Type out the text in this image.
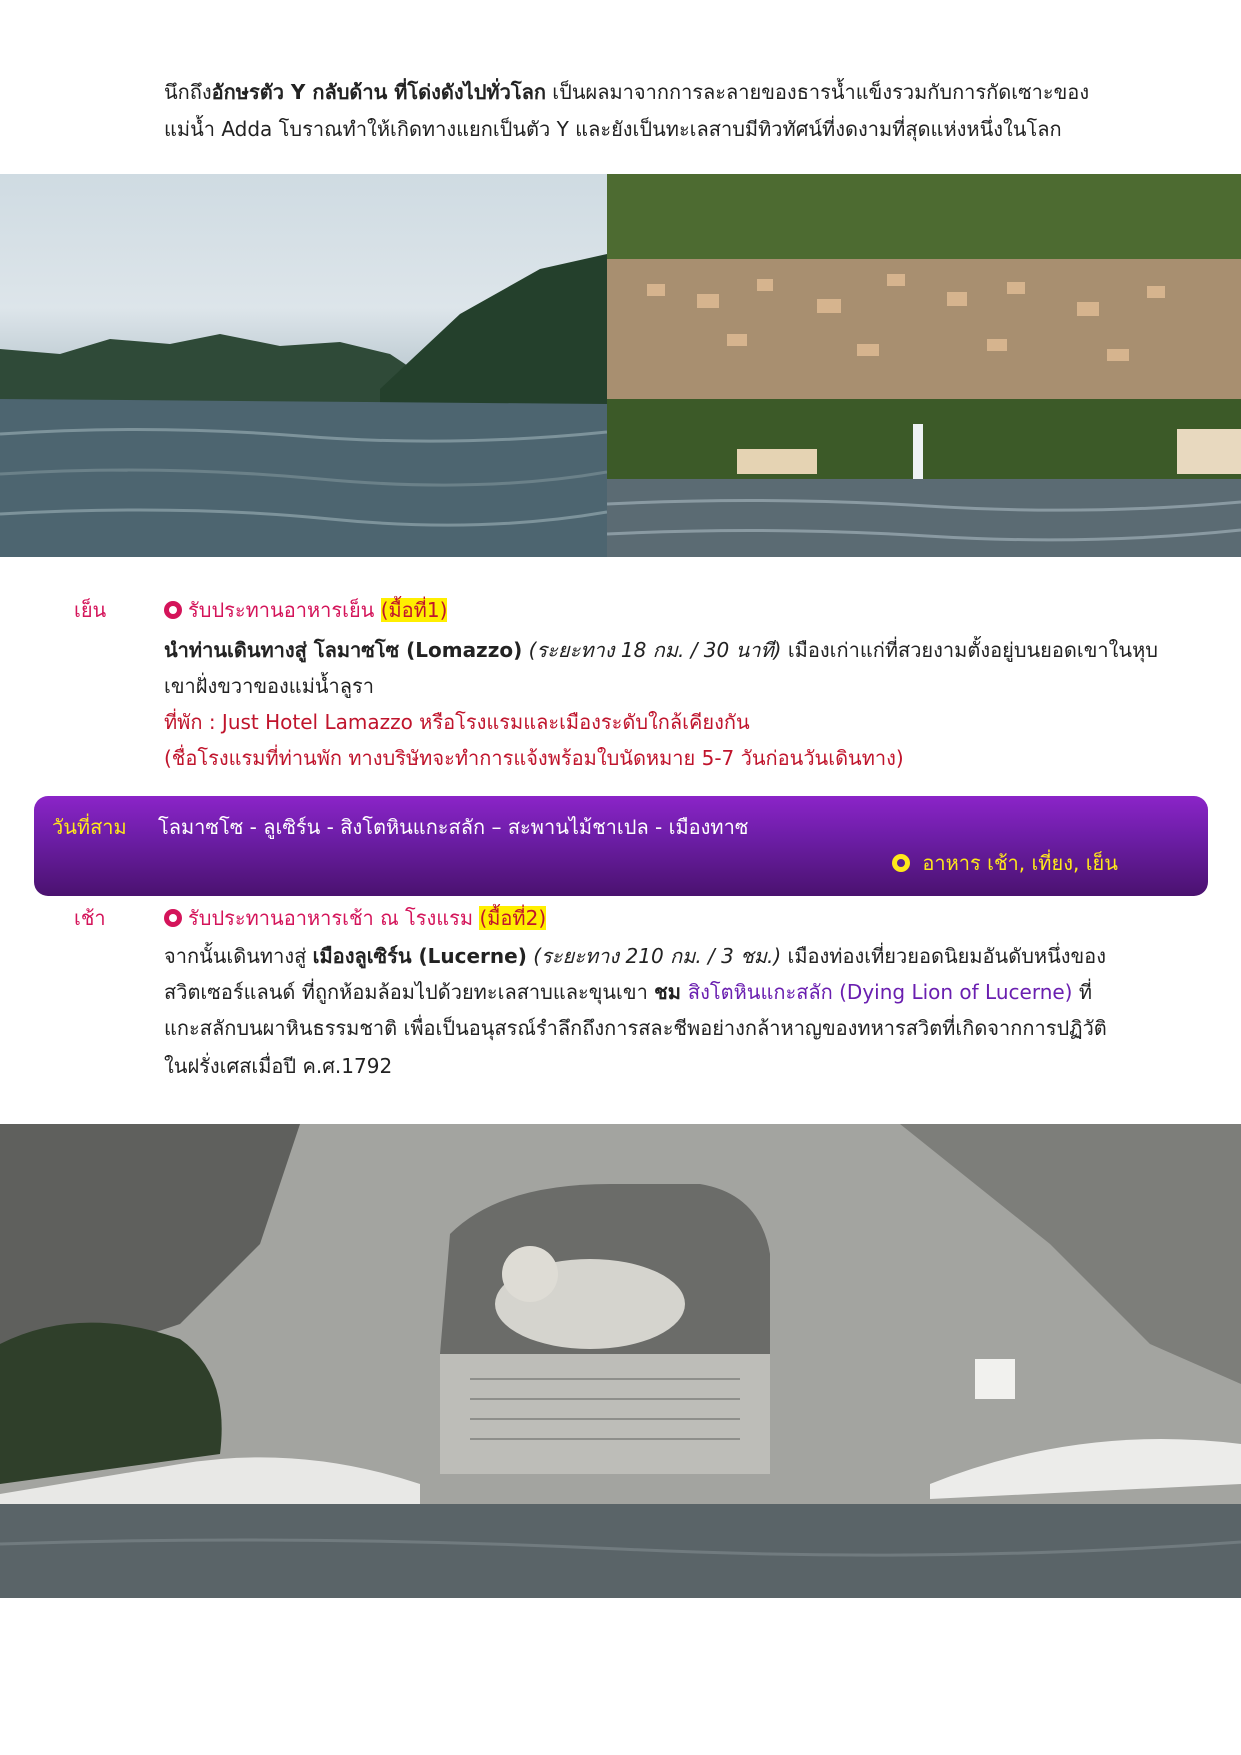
นึกถึงอักษรตัว Y กลับด้าน ที่โด่งดังไปทั่วโลก เป็นผลมาจากการละลายของธารน้ำแข็งรวมกับการกัดเซาะของ
แม่น้ำ Adda โบราณทำให้เกิดทางแยกเป็นตัว Y และยังเป็นทะเลสาบมีทิวทัศน์ที่งดงามที่สุดแห่งหนึ่งในโลก
เย็น	รับประทานอาหารเย็น (มื้อที่1)
นำท่านเดินทางสู่ โลมาซโซ (Lomazzo) (ระยะทาง 18 กม. / 30 นาที) เมืองเก่าแก่ที่สวยงามตั้งอยู่บนยอดเขาในหุบ
เขาฝั่งขวาของแม่น้ำลูรา
ที่พัก : Just Hotel Lamazzo หรือโรงแรมและเมืองระดับใกล้เคียงกัน
(ชื่อโรงแรมที่ท่านพัก ทางบริษัทจะทำการแจ้งพร้อมใบนัดหมาย 5-7 วันก่อนวันเดินทาง)
วันที่สาม โลมาซโซ - ลูเซิร์น - สิงโตหินแกะสลัก – สะพานไม้ชาเปล - เมืองทาซ
อาหาร เช้า, เที่ยง, เย็น
เช้า	รับประทานอาหารเช้า ณ โรงแรม (มื้อที่2)
จากนั้นเดินทางสู่ เมืองลูเซิร์น (Lucerne) (ระยะทาง 210 กม. / 3 ชม.) เมืองท่องเที่ยวยอดนิยมอันดับหนึ่งของ
สวิตเซอร์แลนด์ ที่ถูกห้อมล้อมไปด้วยทะเลสาบและขุนเขา ชม สิงโตหินแกะสลัก (Dying Lion of Lucerne) ที่
แกะสลักบนผาหินธรรมชาติ เพื่อเป็นอนุสรณ์รำลึกถึงการสละชีพอย่างกล้าหาญของทหารสวิตที่เกิดจากการปฏิวัติ
ในฝรั่งเศสเมื่อปี ค.ศ.1792
